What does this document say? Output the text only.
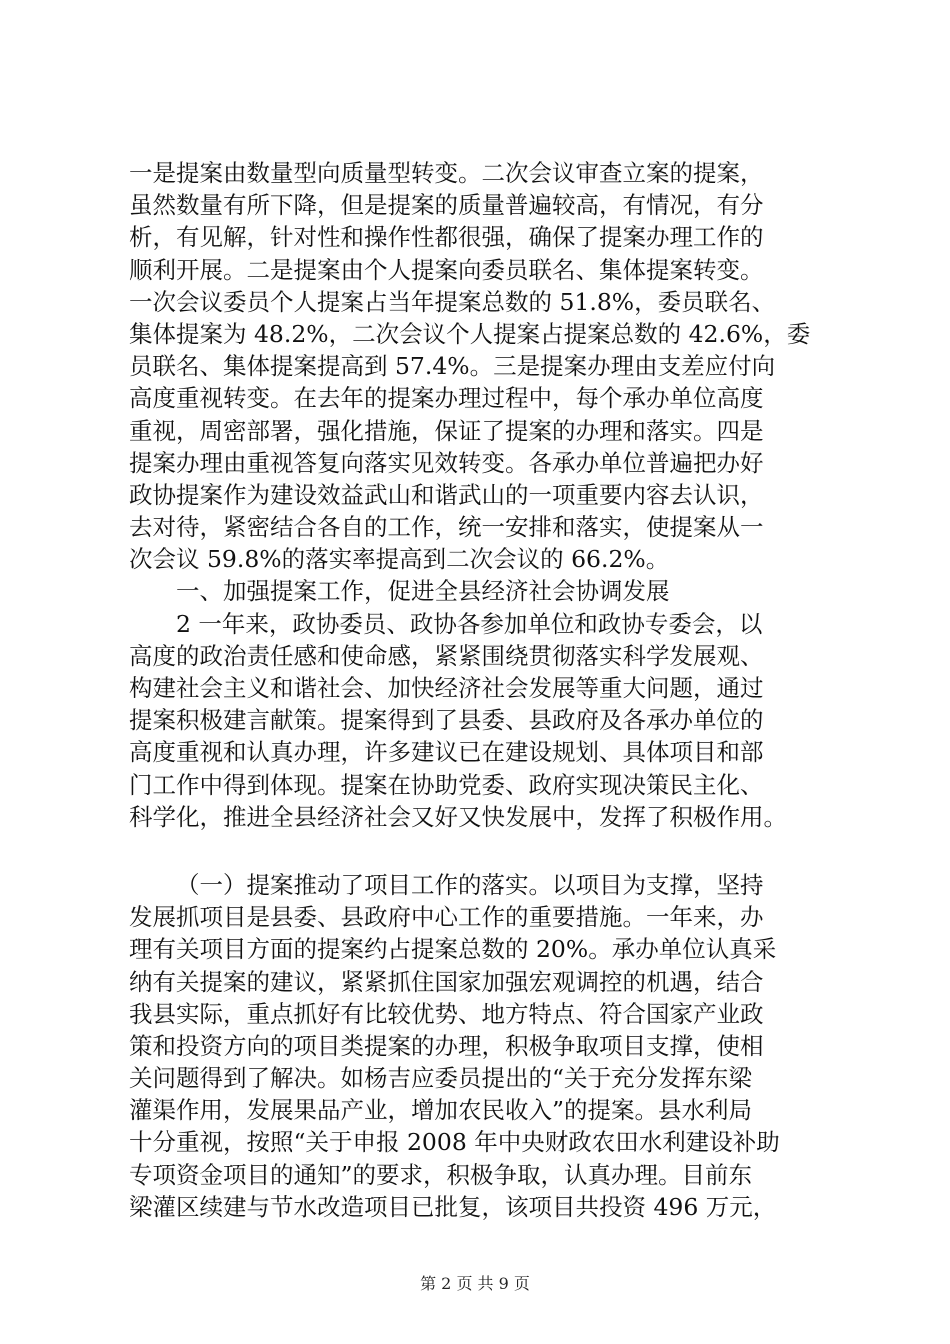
一是提案由数量型向质量型转变。二次会议审查立案的提案，
虽然数量有所下降，但是提案的质量普遍较高，有情况，有分
析，有见解，针对性和操作性都很强，确保了提案办理工作的
顺利开展。二是提案由个人提案向委员联名、集体提案转变。
一次会议委员个人提案占当年提案总数的 51.8%，委员联名、
集体提案为 48.2%，二次会议个人提案占提案总数的 42.6%，委
员联名、集体提案提高到 57.4%。三是提案办理由支差应付向
高度重视转变。在去年的提案办理过程中，每个承办单位高度
重视，周密部署，强化措施，保证了提案的办理和落实。四是
提案办理由重视答复向落实见效转变。各承办单位普遍把办好
政协提案作为建设效益武山和谐武山的一项重要内容去认识，
去对待，紧密结合各自的工作，统一安排和落实，使提案从一
次会议 59.8%的落实率提高到二次会议的 66.2%。
一、加强提案工作，促进全县经济社会协调发展
2 一年来，政协委员、政协各参加单位和政协专委会，以
高度的政治责任感和使命感，紧紧围绕贯彻落实科学发展观、
构建社会主义和谐社会、加快经济社会发展等重大问题，通过
提案积极建言献策。提案得到了县委、县政府及各承办单位的
高度重视和认真办理，许多建议已在建设规划、具体项目和部
门工作中得到体现。提案在协助党委、政府实现决策民主化、
科学化，推进全县经济社会又好又快发展中，发挥了积极作用。
（一）提案推动了项目工作的落实。以项目为支撑，坚持
发展抓项目是县委、县政府中心工作的重要措施。一年来，办
理有关项目方面的提案约占提案总数的 20%。承办单位认真采
纳有关提案的建议，紧紧抓住国家加强宏观调控的机遇，结合
我县实际，重点抓好有比较优势、地方特点、符合国家产业政
策和投资方向的项目类提案的办理，积极争取项目支撑，使相
关问题得到了解决。如杨吉应委员提出的“关于充分发挥东梁
灌渠作用，发展果品产业，增加农民收入”的提案。县水利局
十分重视，按照“关于申报 2008 年中央财政农田水利建设补助
专项资金项目的通知”的要求，积极争取，认真办理。目前东
梁灌区续建与节水改造项目已批复，该项目共投资 496 万元，
第 2 页 共 9 页
